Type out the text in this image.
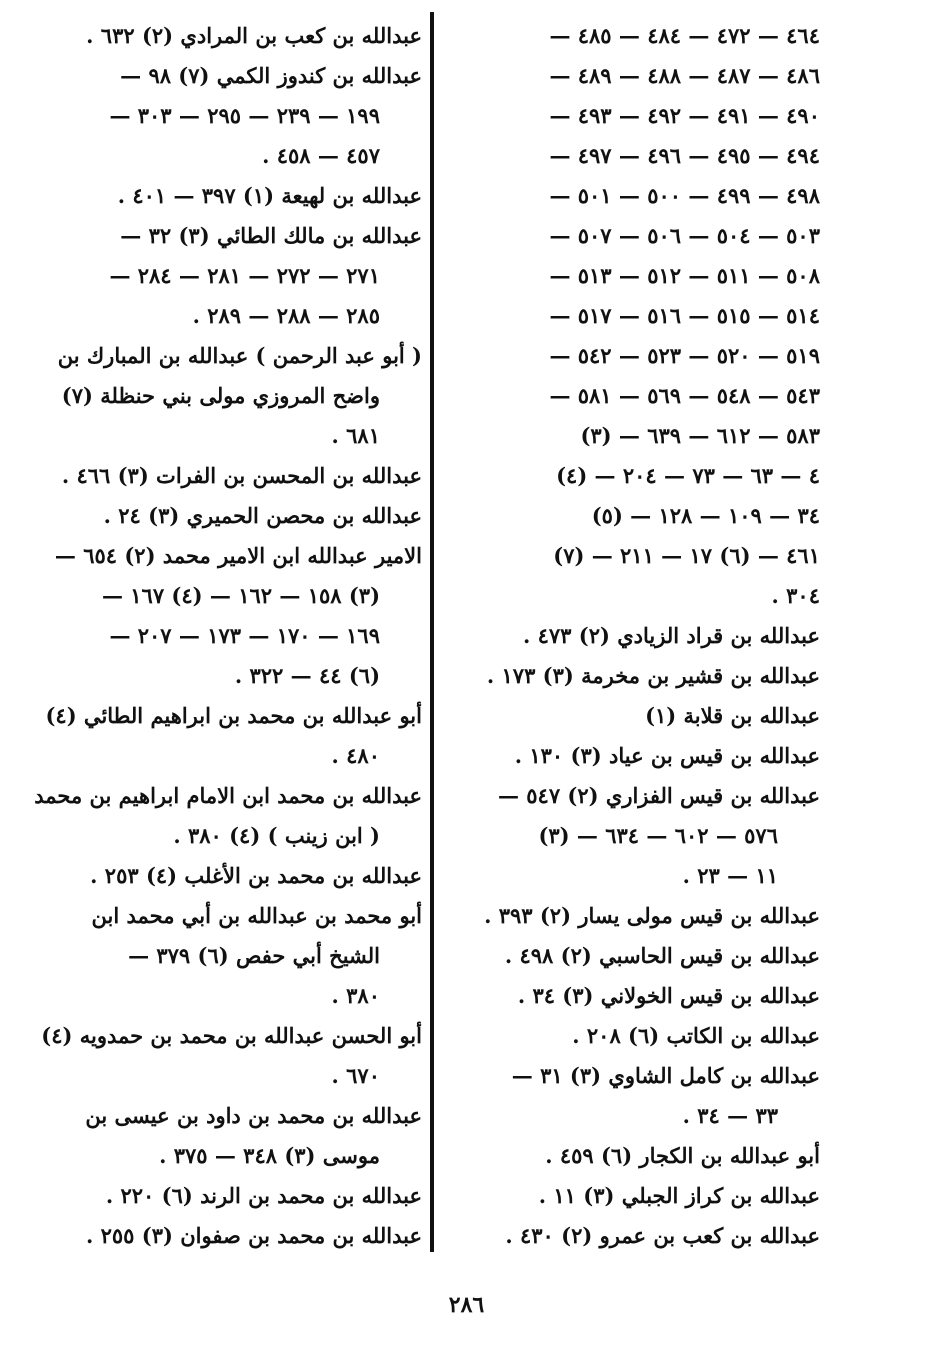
٤٦٤ — ٤٧٢ — ٤٨٤ — ٤٨٥ —
٤٨٦ — ٤٨٧ — ٤٨٨ — ٤٨٩ —
٤٩٠ — ٤٩١ — ٤٩٢ — ٤٩٣ —
٤٩٤ — ٤٩٥ — ٤٩٦ — ٤٩٧ —
٤٩٨ — ٤٩٩ — ٥٠٠ — ٥٠١ —
٥٠٣ — ٥٠٤ — ٥٠٦ — ٥٠٧ —
٥٠٨ — ٥١١ — ٥١٢ — ٥١٣ —
٥١٤ — ٥١٥ — ٥١٦ — ٥١٧ —
٥١٩ — ٥٢٠ — ٥٢٣ — ٥٤٢ —
٥٤٣ — ٥٤٨ — ٥٦٩ — ٥٨١ —
٥٨٣ — ٦١٢ — ٦٣٩ — (٣)
٤ — ٦٣ — ٧٣ — ٢٠٤ — (٤)
٣٤ — ١٠٩ — ١٢٨ — (٥)
٤٦١ — (٦) ١٧ — ٢١١ — (٧)
٣٠٤ .
عبدالله بن قراد الزيادي (٢) ٤٧٣ .
عبدالله بن قشير بن مخرمة (٣) ١٧٣ .
عبدالله بن قلابة (١)
عبدالله بن قيس بن عياد (٣) ١٣٠ .
عبدالله بن قيس الفزاري (٢) ٥٤٧ —
٥٧٦ — ٦٠٢ — ٦٣٤ — (٣)
١١ — ٢٣ .
عبدالله بن قيس مولى يسار (٢) ٣٩٣ .
عبدالله بن قيس الحاسبي (٢) ٤٩٨ .
عبدالله بن قيس الخولاني (٣) ٣٤ .
عبدالله بن الكاتب (٦) ٢٠٨ .
عبدالله بن كامل الشاوي (٣) ٣١ —
٣٣ — ٣٤ .
أبو عبدالله بن الكجار (٦) ٤٥٩ .
عبدالله بن كراز الجبلي (٣) ١١ .
عبدالله بن كعب بن عمرو (٢) ٤٣٠ .
عبدالله بن كعب بن المرادي (٢) ٦٣٢ .
عبدالله بن كندوز الكمي (٧) ٩٨ —
١٩٩ — ٢٣٩ — ٢٩٥ — ٣٠٣ —
٤٥٧ — ٤٥٨ .
عبدالله بن لهيعة (١) ٣٩٧ — ٤٠١ .
عبدالله بن مالك الطائي (٣) ٣٢ —
٢٧١ — ٢٧٢ — ٢٨١ — ٢٨٤ —
٢٨٥ — ٢٨٨ — ٢٨٩ .
( أبو عبد الرحمن ) عبدالله بن المبارك بن
واضح المروزي مولى بني حنظلة (٧)
٦٨١ .
عبدالله بن المحسن بن الفرات (٣) ٤٦٦ .
عبدالله بن محصن الحميري (٣) ٢٤ .
الامير عبدالله ابن الامير محمد (٢) ٦٥٤ —
(٣) ١٥٨ — ١٦٢ — (٤) ١٦٧ —
١٦٩ — ١٧٠ — ١٧٣ — ٢٠٧ —
(٦) ٤٤ — ٣٢٢ .
أبو عبدالله بن محمد بن ابراهيم الطائي (٤)
٤٨٠ .
عبدالله بن محمد ابن الامام ابراهيم بن محمد
( ابن زينب ) (٤) ٣٨٠ .
عبدالله بن محمد بن الأغلب (٤) ٢٥٣ .
أبو محمد بن عبدالله بن أبي محمد ابن
الشيخ أبي حفص (٦) ٣٧٩ —
٣٨٠ .
أبو الحسن عبدالله بن محمد بن حمدويه (٤)
٦٧٠ .
عبدالله بن محمد بن داود بن عيسى بن
موسى (٣) ٣٤٨ — ٣٧٥ .
عبدالله بن محمد بن الرند (٦) ٢٢٠ .
عبدالله بن محمد بن صفوان (٣) ٢٥٥ .
٢٨٦
